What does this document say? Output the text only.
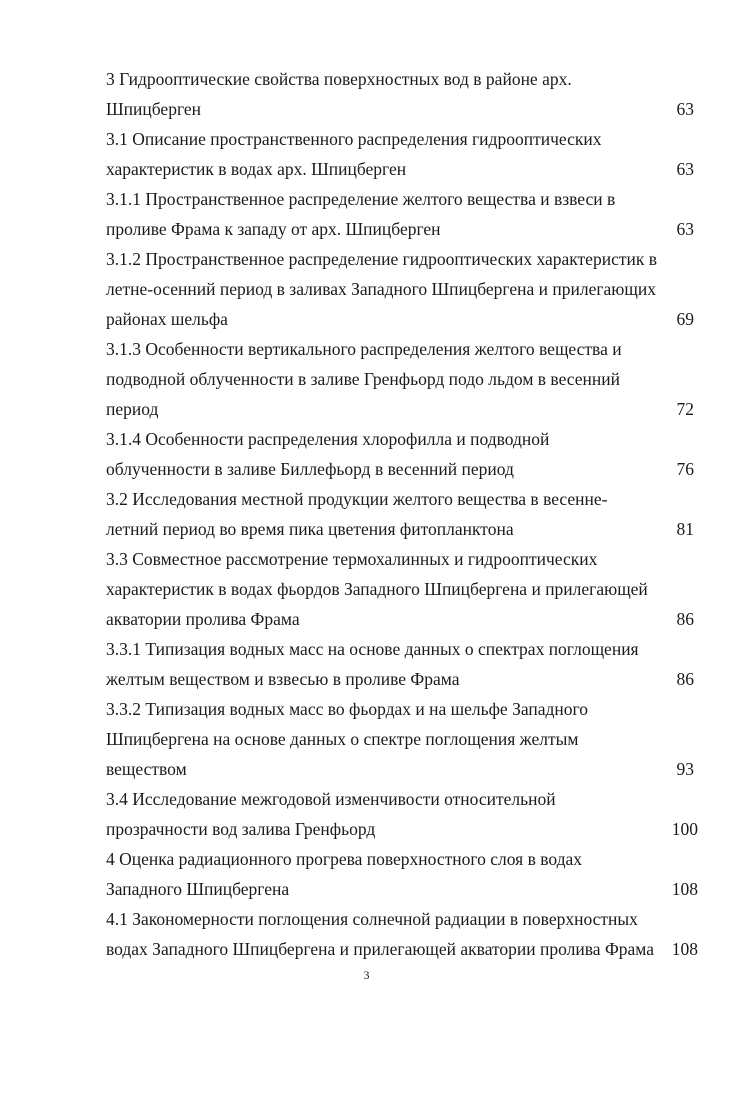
3 Гидрооптические свойства поверхностных вод в районе арх.
Шпицберген	63
3.1 Описание пространственного распределения гидрооптических
характеристик в водах арх. Шпицберген	63
3.1.1 Пространственное распределение желтого вещества и взвеси в
проливе Фрама к западу от арх. Шпицберген	63
3.1.2 Пространственное распределение гидрооптических характеристик в
летне-осенний период в заливах Западного Шпицбергена и прилегающих
районах шельфа	69
3.1.3 Особенности вертикального распределения желтого вещества и
подводной облученности в заливе Гренфьорд подо льдом в весенний
период	72
3.1.4 Особенности распределения хлорофилла и подводной
облученности в заливе Биллефьорд в весенний период	76
3.2 Исследования местной продукции желтого вещества в весенне-
летний период во время пика цветения фитопланктона	81
3.3 Совместное рассмотрение термохалинных и гидрооптических
характеристик в водах фьордов Западного Шпицбергена и прилегающей
акватории пролива Фрама	86
3.3.1 Типизация водных масс на основе данных о спектрах поглощения
желтым веществом и взвесью в проливе Фрама	86
3.3.2 Типизация водных масс во фьордах и на шельфе Западного
Шпицбергена на основе данных о спектре поглощения желтым
веществом	93
3.4 Исследование межгодовой изменчивости относительной
прозрачности вод залива Гренфьорд	100
4 Оценка радиационного прогрева поверхностного слоя в водах
Западного Шпицбергена	108
4.1 Закономерности поглощения солнечной радиации в поверхностных
водах Западного Шпицбергена и прилегающей акватории пролива Фрама	108
3
